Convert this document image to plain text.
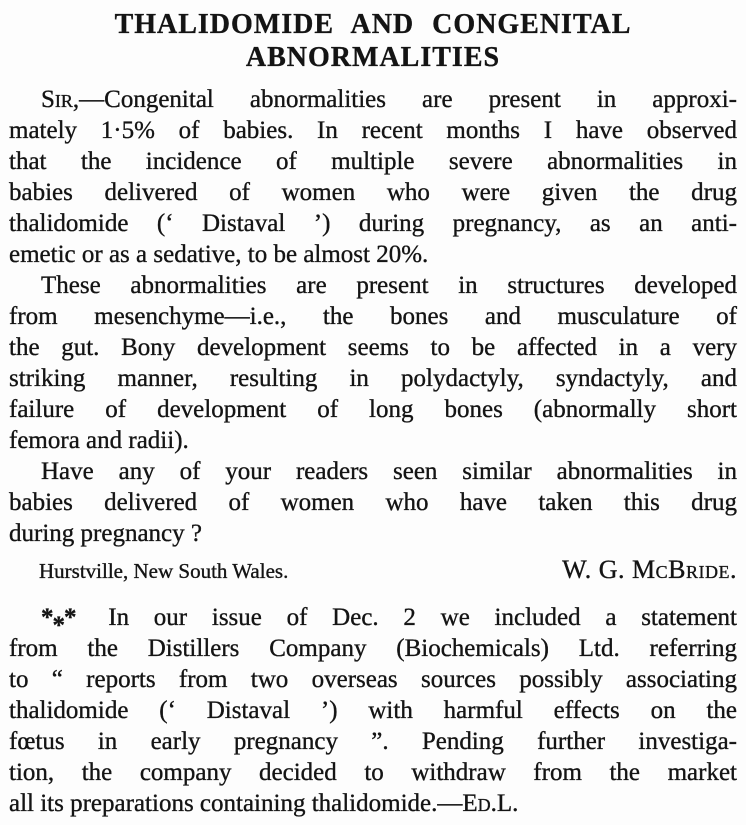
THALIDOMIDE AND CONGENITAL
ABNORMALITIES
Sir,—Congenital abnormalities are present in approxi-
mately 1·5% of babies. In recent months I have observed
that the incidence of multiple severe abnormalities in
babies delivered of women who were given the drug
thalidomide (‘ Distaval ’) during pregnancy, as an anti-
emetic or as a sedative, to be almost 20%.
These abnormalities are present in structures developed
from mesenchyme—i.e., the bones and musculature of
the gut. Bony development seems to be affected in a very
striking manner, resulting in polydactyly, syndactyly, and
failure of development of long bones (abnormally short
femora and radii).
Have any of your readers seen similar abnormalities in
babies delivered of women who have taken this drug
during pregnancy ?
Hurstville, New South Wales.	W. G. McBride.
*** In our issue of Dec. 2 we included a statement
from the Distillers Company (Biochemicals) Ltd. referring
to “ reports from two overseas sources possibly associating
thalidomide (‘ Distaval ’) with harmful effects on the
fœtus in early pregnancy ”. Pending further investiga-
tion, the company decided to withdraw from the market
all its preparations containing thalidomide.—Ed.L.
